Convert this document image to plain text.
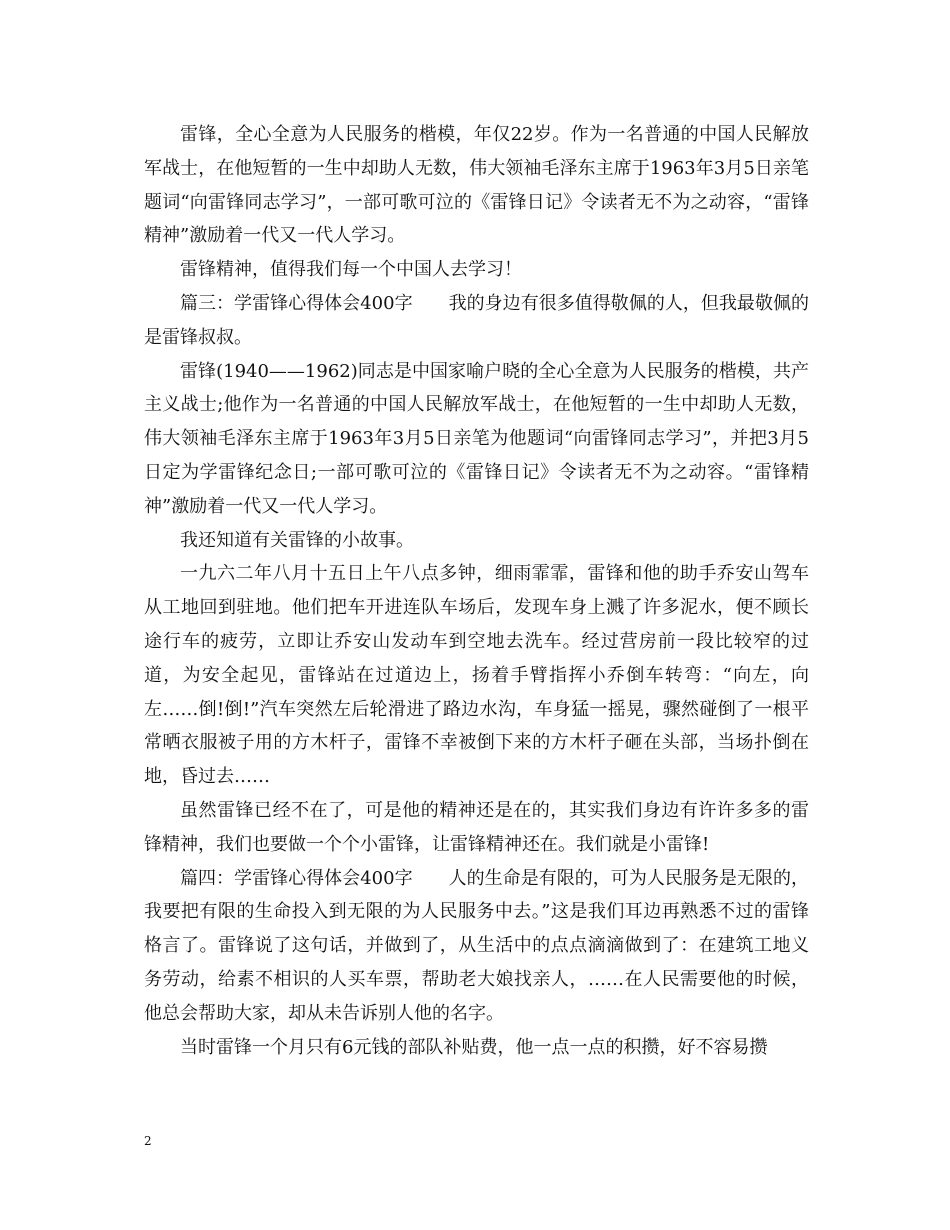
雷锋，全心全意为人民服务的楷模，年仅22岁。作为一名普通的中国人民解放军战士，在他短暂的一生中却助人无数，伟大领袖毛泽东主席于1963年3月5日亲笔题词“向雷锋同志学习”，一部可歌可泣的《雷锋日记》令读者无不为之动容，“雷锋精神”激励着一代又一代人学习。

雷锋精神，值得我们每一个中国人去学习！

篇三：学雷锋心得体会400字　　我的身边有很多值得敬佩的人，但我最敬佩的是雷锋叔叔。

雷锋(1940——1962)同志是中国家喻户晓的全心全意为人民服务的楷模，共产主义战士;他作为一名普通的中国人民解放军战士，在他短暂的一生中却助人无数，伟大领袖毛泽东主席于1963年3月5日亲笔为他题词“向雷锋同志学习”，并把3月5日定为学雷锋纪念日;一部可歌可泣的《雷锋日记》令读者无不为之动容。“雷锋精神”激励着一代又一代人学习。

我还知道有关雷锋的小故事。

一九六二年八月十五日上午八点多钟，细雨霏霏，雷锋和他的助手乔安山驾车从工地回到驻地。他们把车开进连队车场后，发现车身上溅了许多泥水，便不顾长途行车的疲劳，立即让乔安山发动车到空地去洗车。经过营房前一段比较窄的过道，为安全起见，雷锋站在过道边上，扬着手臂指挥小乔倒车转弯：“向左，向左……倒!倒!”汽车突然左后轮滑进了路边水沟，车身猛一摇晃，骤然碰倒了一根平常晒衣服被子用的方木杆子，雷锋不幸被倒下来的方木杆子砸在头部，当场扑倒在地，昏过去……

虽然雷锋已经不在了，可是他的精神还是在的，其实我们身边有许许多多的雷锋精神，我们也要做一个个小雷锋，让雷锋精神还在。我们就是小雷锋!

篇四：学雷锋心得体会400字　　人的生命是有限的，可为人民服务是无限的，我要把有限的生命投入到无限的为人民服务中去。”这是我们耳边再熟悉不过的雷锋格言了。雷锋说了这句话，并做到了，从生活中的点点滴滴做到了：在建筑工地义务劳动，给素不相识的人买车票，帮助老大娘找亲人，……在人民需要他的时候，他总会帮助大家，却从未告诉别人他的名字。

当时雷锋一个月只有6元钱的部队补贴费，他一点一点的积攒，好不容易攒

2
